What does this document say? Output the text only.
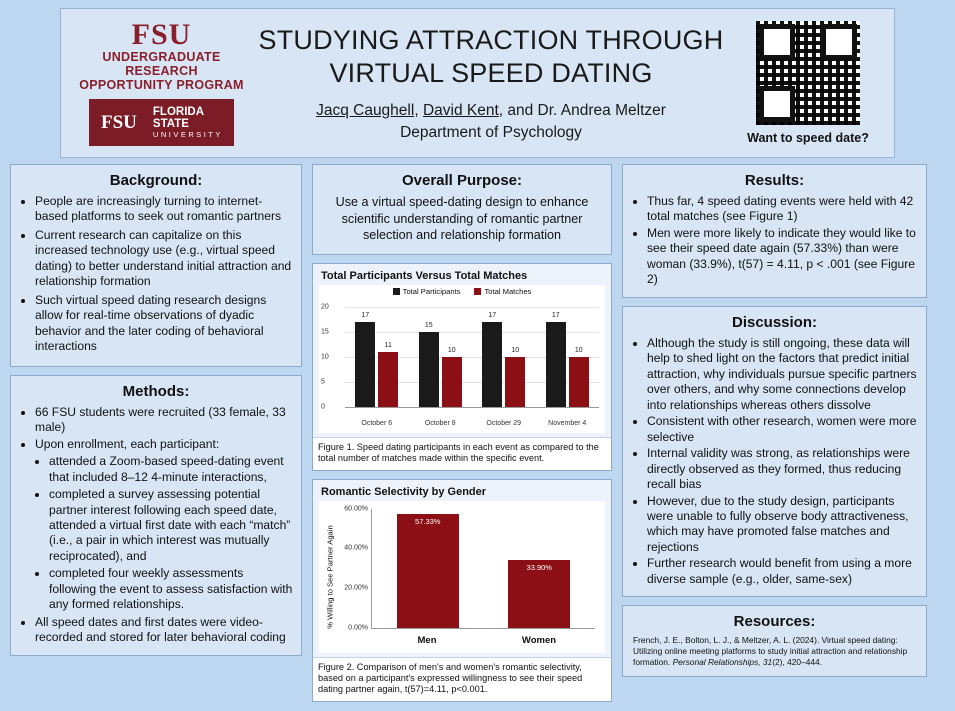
FSU
UNDERGRADUATE RESEARCH
OPPORTUNITY PROGRAM
FSU
FLORIDA STATE
UNIVERSITY
STUDYING ATTRACTION THROUGH
VIRTUAL SPEED DATING
Jacq Caughell, David Kent, and Dr. Andrea Meltzer
Department of Psychology	Want to speed date?
Background:
• People are increasingly turning to internet-based platforms to seek out romantic partners
• Current research can capitalize on this increased technology use (e.g., virtual speed dating) to better understand initial attraction and relationship formation
• Such virtual speed dating research designs allow for real-time observations of dyadic behavior and the later coding of behavioral interactions
Methods:
• 66 FSU students were recruited (33 female, 33 male)
• Upon enrollment, each participant:
• attended a Zoom-based speed-dating event that included 8–12 4-minute interactions,
• completed a survey assessing potential partner interest following each speed date, attended a virtual first date with each “match” (i.e., a pair in which interest was mutually reciprocated), and
• completed four weekly assessments following the event to assess satisfaction with any formed relationships.
• All speed dates and first dates were video-recorded and stored for later behavioral coding
Overall Purpose:
Use a virtual speed-dating design to enhance scientific understanding of romantic partner selection and relationship formation
Total Participants Versus Total Matches
Total Participants	Total Matches
20
15
10
5
0
17
11
15
10
17
10
17
10
October 6	October 8	October 29	November 4
Figure 1. Speed dating participants in each event as compared to the total number of matches made within the specific event.
Romantic Selectivity by Gender
% Willing to See Partner Again
60.00%
40.00%
20.00%
0.00%
57.33%
33.90%
Men	Women
Figure 2. Comparison of men's and women's romantic selectivity, based on a participant's expressed willingness to see their speed dating partner again, t(57)=4.11, p<0.001.
Results:
• Thus far, 4 speed dating events were held with 42 total matches (see Figure 1)
• Men were more likely to indicate they would like to see their speed date again (57.33%) than were woman (33.9%), t(57) = 4.11, p < .001 (see Figure 2)
Discussion:
• Although the study is still ongoing, these data will help to shed light on the factors that predict initial attraction, why individuals pursue specific partners over others, and why some connections develop into relationships whereas others dissolve
• Consistent with other research, women were more selective
• Internal validity was strong, as relationships were directly observed as they formed, thus reducing recall bias
• However, due to the study design, participants were unable to fully observe body attractiveness, which may have promoted false matches and rejections
• Further research would benefit from using a more diverse sample (e.g., older, same-sex)
Resources:
French, J. E., Bolton, L. J., & Meltzer, A. L. (2024). Virtual speed dating: Utilizing online meeting platforms to study initial attraction and relationship formation. Personal Relationships, 31(2), 420–444.
